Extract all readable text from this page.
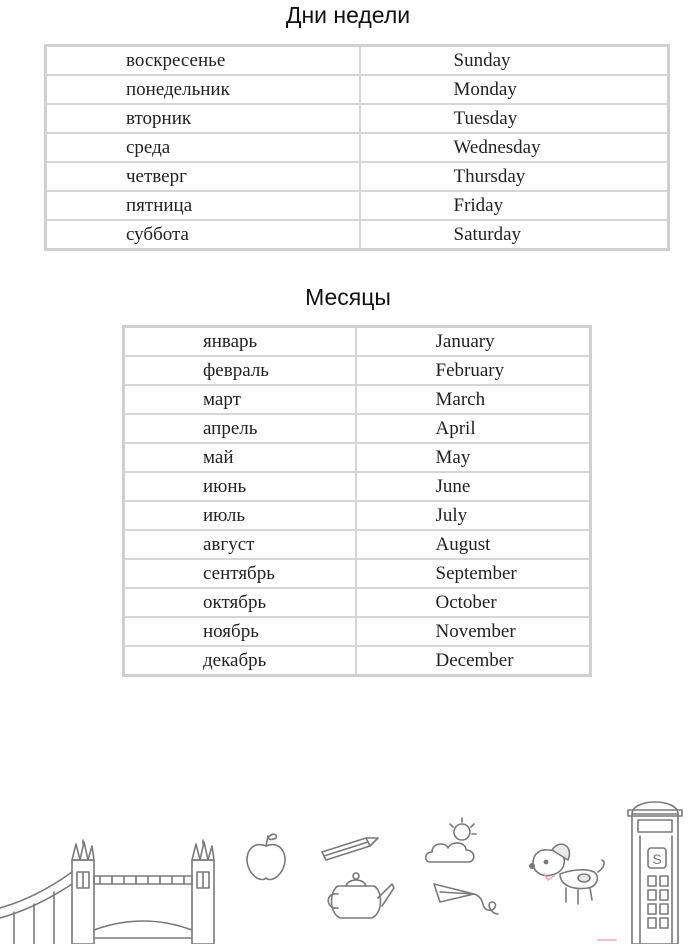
Дни недели
воскресенье	Sunday
понедельник	Monday
вторник	Tuesday
среда	Wednesday
четверг	Thursday
пятница	Friday
суббота	Saturday
Месяцы
январь	January
февраль	February
март	March
апрель	April
май	May
июнь	June
июль	July
август	August
сентябрь	September
октябрь	October
ноябрь	November
декабрь	December
S
